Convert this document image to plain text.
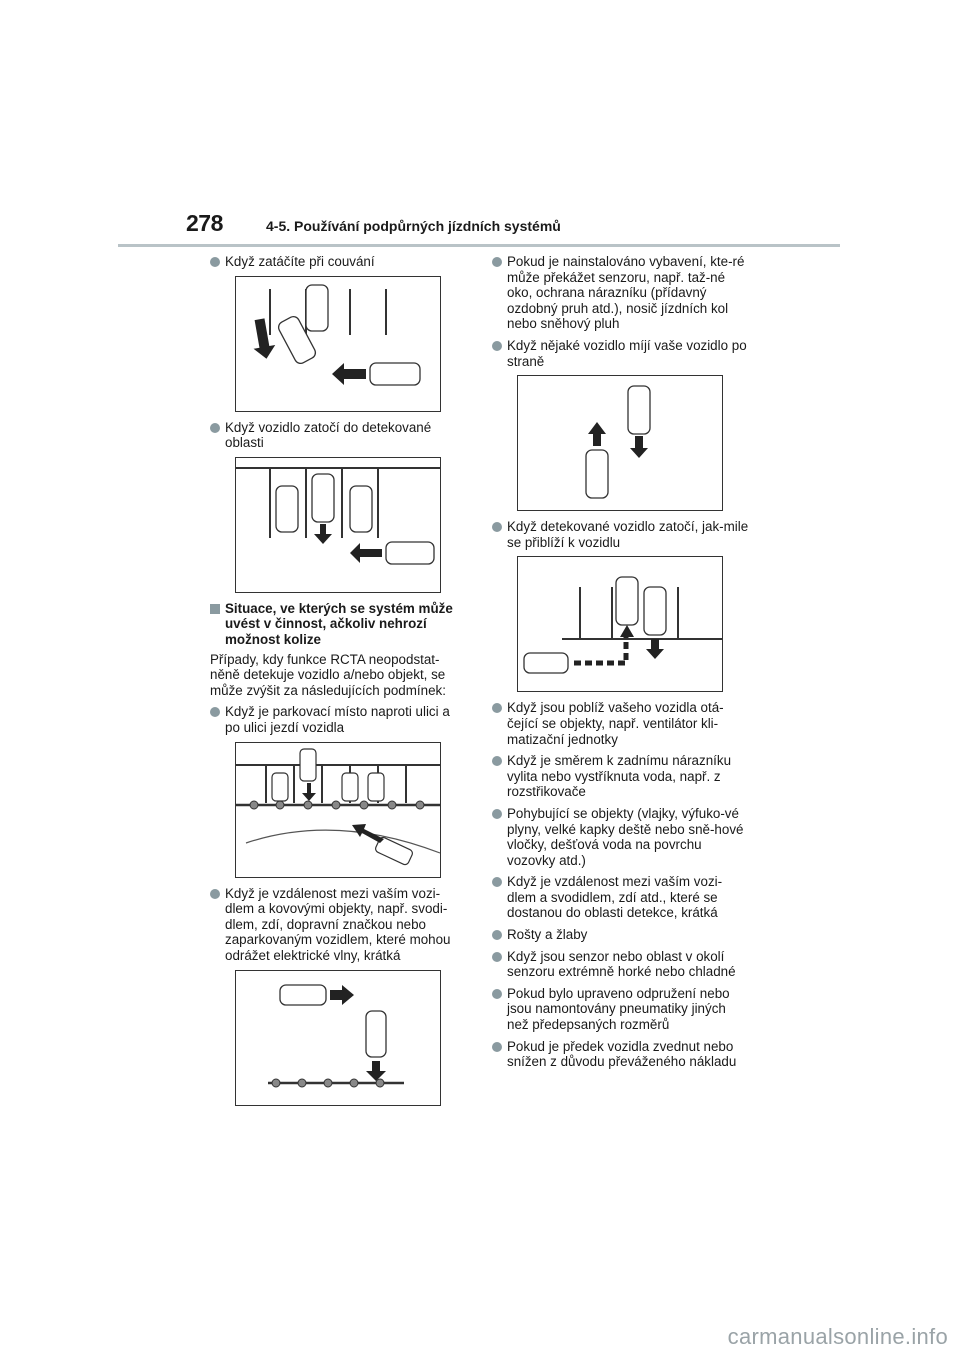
278	4-5. Používání podpůrných jízdních systémů
Když zatáčíte při couvání
Když vozidlo zatočí do detekované oblasti
Situace, ve kterých se systém může uvést v činnost, ačkoliv nehrozí možnost kolize
Případy, kdy funkce RCTA neopodstat-něně detekuje vozidlo a/nebo objekt, se může zvýšit za následujících podmínek:
Když je parkovací místo naproti ulici a po ulici jezdí vozidla
Když je vzdálenost mezi vaším vozi-dlem a kovovými objekty, např. svodi-dlem, zdí, dopravní značkou nebo zaparkovaným vozidlem, které mohou odrážet elektrické vlny, krátká
Pokud je nainstalováno vybavení, kte-ré může překážet senzoru, např. taž-né oko, ochrana nárazníku (přídavný ozdobný pruh atd.), nosič jízdních kol nebo sněhový pluh
Když nějaké vozidlo míjí vaše vozidlo po straně
Když detekované vozidlo zatočí, jak-mile se přiblíží k vozidlu
Když jsou poblíž vašeho vozidla otá-čející se objekty, např. ventilátor kli-matizační jednotky
Když je směrem k zadnímu nárazníku vylita nebo vystříknuta voda, např. z rozstřikovače
Pohybující se objekty (vlajky, výfuko-vé plyny, velké kapky deště nebo sně-hové vločky, dešťová voda na povrchu vozovky atd.)
Když je vzdálenost mezi vaším vozi-dlem a svodidlem, zdí atd., které se dostanou do oblasti detekce, krátká
Rošty a žlaby
Když jsou senzor nebo oblast v okolí senzoru extrémně horké nebo chladné
Pokud bylo upraveno odpružení nebo jsou namontovány pneumatiky jiných než předepsaných rozměrů
Pokud je předek vozidla zvednut nebo snížen z důvodu převáženého nákladu
carmanualsonline.info
